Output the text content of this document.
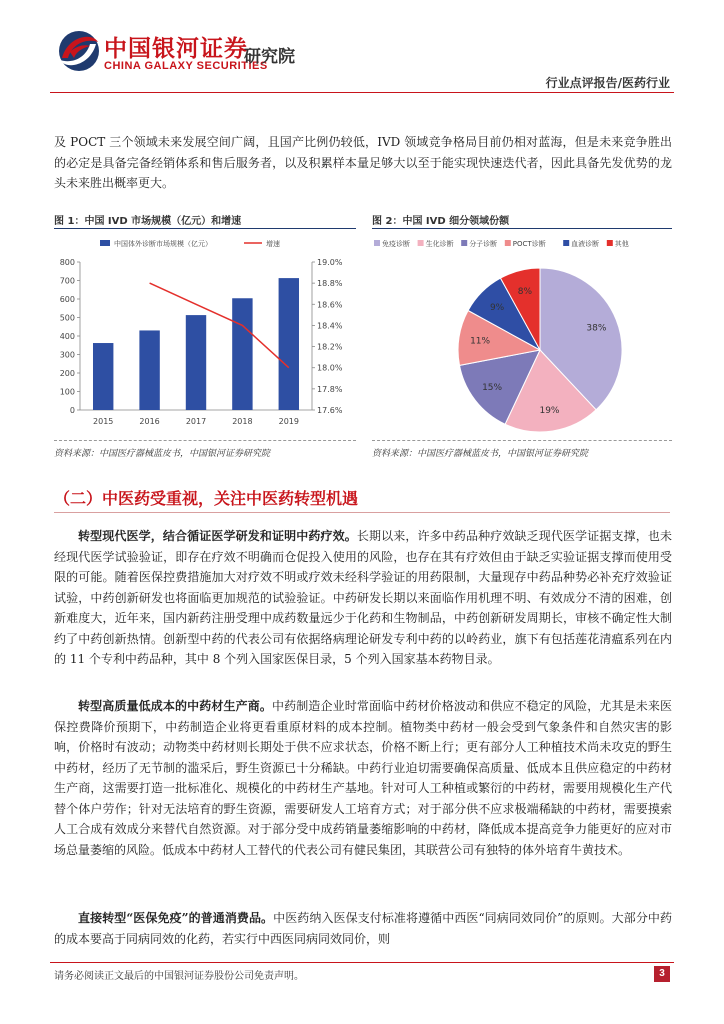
中国银河证券
CHINA GALAXY SECURITIES
研究院
行业点评报告/医药行业

及 POCT 三个领域未来发展空间广阔，且国产比例仍较低，IVD 领域竞争格局目前仍相对蓝海，但是未来竞争胜出的必定是具备完备经销体系和售后服务者，以及积累样本量足够大以至于能实现快速迭代者，因此具备先发优势的龙头未来胜出概率更大。

图 1：中国 IVD 市场规模（亿元）和增速
中国体外诊断市场规模（亿元）	增速
0
100
200
300
400
500
600
700
800
17.6%
17.8%
18.0%
18.2%
18.4%
18.6%
18.8%
19.0%
2015	2016	2017	2018	2019
资料来源：中国医疗器械蓝皮书，中国银河证券研究院
图 2：中国 IVD 细分领域份额
免疫诊断 生化诊断 分子诊断 POCT诊断	血液诊断 其他
38%
19%
15%
11%
9%
8%
资料来源：中国医疗器械蓝皮书，中国银河证券研究院
（二）中医药受重视，关注中医药转型机遇

转型现代医学，结合循证医学研发和证明中药疗效。长期以来，许多中药品种疗效缺乏现代医学证据支撑，也未经现代医学试验验证，即存在疗效不明确而仓促投入使用的风险，也存在其有疗效但由于缺乏实验证据支撑而使用受限的可能。随着医保控费措施加大对疗效不明或疗效未经科学验证的用药限制，大量现存中药品种势必补充疗效验证试验，中药创新研发也将面临更加规范的试验验证。中药研发长期以来面临作用机理不明、有效成分不清的困难，创新难度大，近年来，国内新药注册受理中成药数量远少于化药和生物制品，中药创新研发周期长，审核不确定性大制约了中药创新热情。创新型中药的代表公司有依据络病理论研发专利中药的以岭药业，旗下有包括莲花清瘟系列在内的 11 个专利中药品种，其中 8 个列入国家医保目录，5 个列入国家基本药物目录。

转型高质量低成本的中药材生产商。中药制造企业时常面临中药材价格波动和供应不稳定的风险，尤其是未来医保控费降价预期下，中药制造企业将更看重原材料的成本控制。植物类中药材一般会受到气象条件和自然灾害的影响，价格时有波动；动物类中药材则长期处于供不应求状态，价格不断上行；更有部分人工种植技术尚未攻克的野生中药材，经历了无节制的滥采后，野生资源已十分稀缺。中药行业迫切需要确保高质量、低成本且供应稳定的中药材生产商，这需要打造一批标准化、规模化的中药材生产基地。针对可人工种植或繁衍的中药材，需要用规模化生产代替个体户劳作；针对无法培育的野生资源，需要研发人工培育方式；对于部分供不应求极端稀缺的中药材，需要摸索人工合成有效成分来替代自然资源。对于部分受中成药销量萎缩影响的中药材，降低成本提高竞争力能更好的应对市场总量萎缩的风险。低成本中药材人工替代的代表公司有健民集团，其联营公司有独特的体外培育牛黄技术。

直接转型“医保免疫”的普通消费品。中医药纳入医保支付标准将遵循中西医“同病同效同价”的原则。大部分中药的成本要高于同病同效的化药，若实行中西医同病同效同价，则

请务必阅读正文最后的中国银河证券股份公司免责声明。	3
